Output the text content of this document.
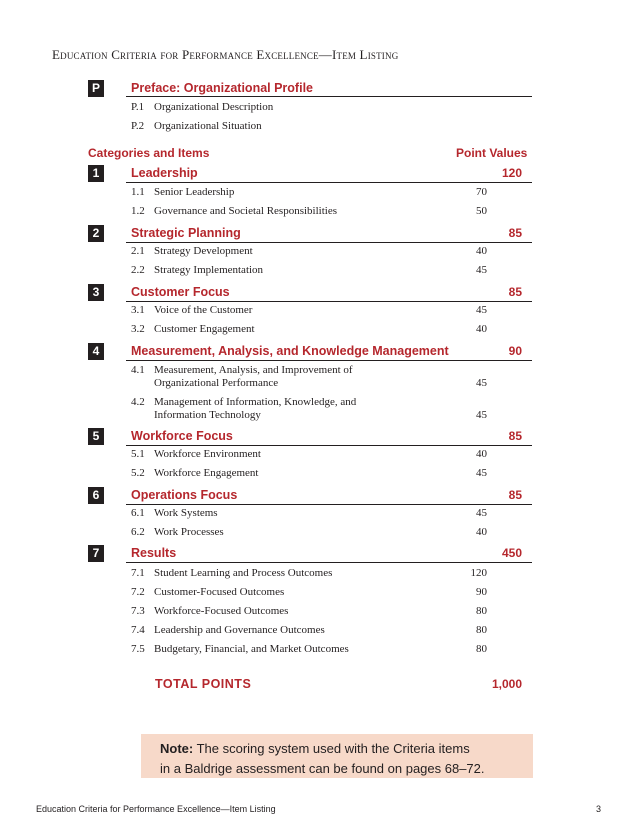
Education Criteria for Performance Excellence—Item Listing
P	Preface: Organizational Profile
P.1 Organizational Description
P.2 Organizational Situation
Categories and Items	Point Values
1	Leadership	120
1.1 Senior Leadership	70
1.2 Governance and Societal Responsibilities	50
2	Strategic Planning	85
2.1 Strategy Development	40
2.2 Strategy Implementation	45
3	Customer Focus	85
3.1 Voice of the Customer	45
3.2 Customer Engagement	40
4	Measurement, Analysis, and Knowledge Management	90
4.1 Measurement, Analysis, and Improvement of
Organizational Performance	45
4.2 Management of Information, Knowledge, and
Information Technology	45
5	Workforce Focus	85
5.1 Workforce Environment	40
5.2 Workforce Engagement	45
6	Operations Focus	85
6.1 Work Systems	45
6.2 Work Processes	40
7	Results	450
7.1 Student Learning and Process Outcomes	120
7.2 Customer-Focused Outcomes	90
7.3 Workforce-Focused Outcomes	80
7.4 Leadership and Governance Outcomes	80
7.5 Budgetary, Financial, and Market Outcomes	80
TOTAL POINTS	1,000
Note: The scoring system used with the Criteria items
in a Baldrige assessment can be found on pages 68–72.
Education Criteria for Performance Excellence—Item Listing	3
